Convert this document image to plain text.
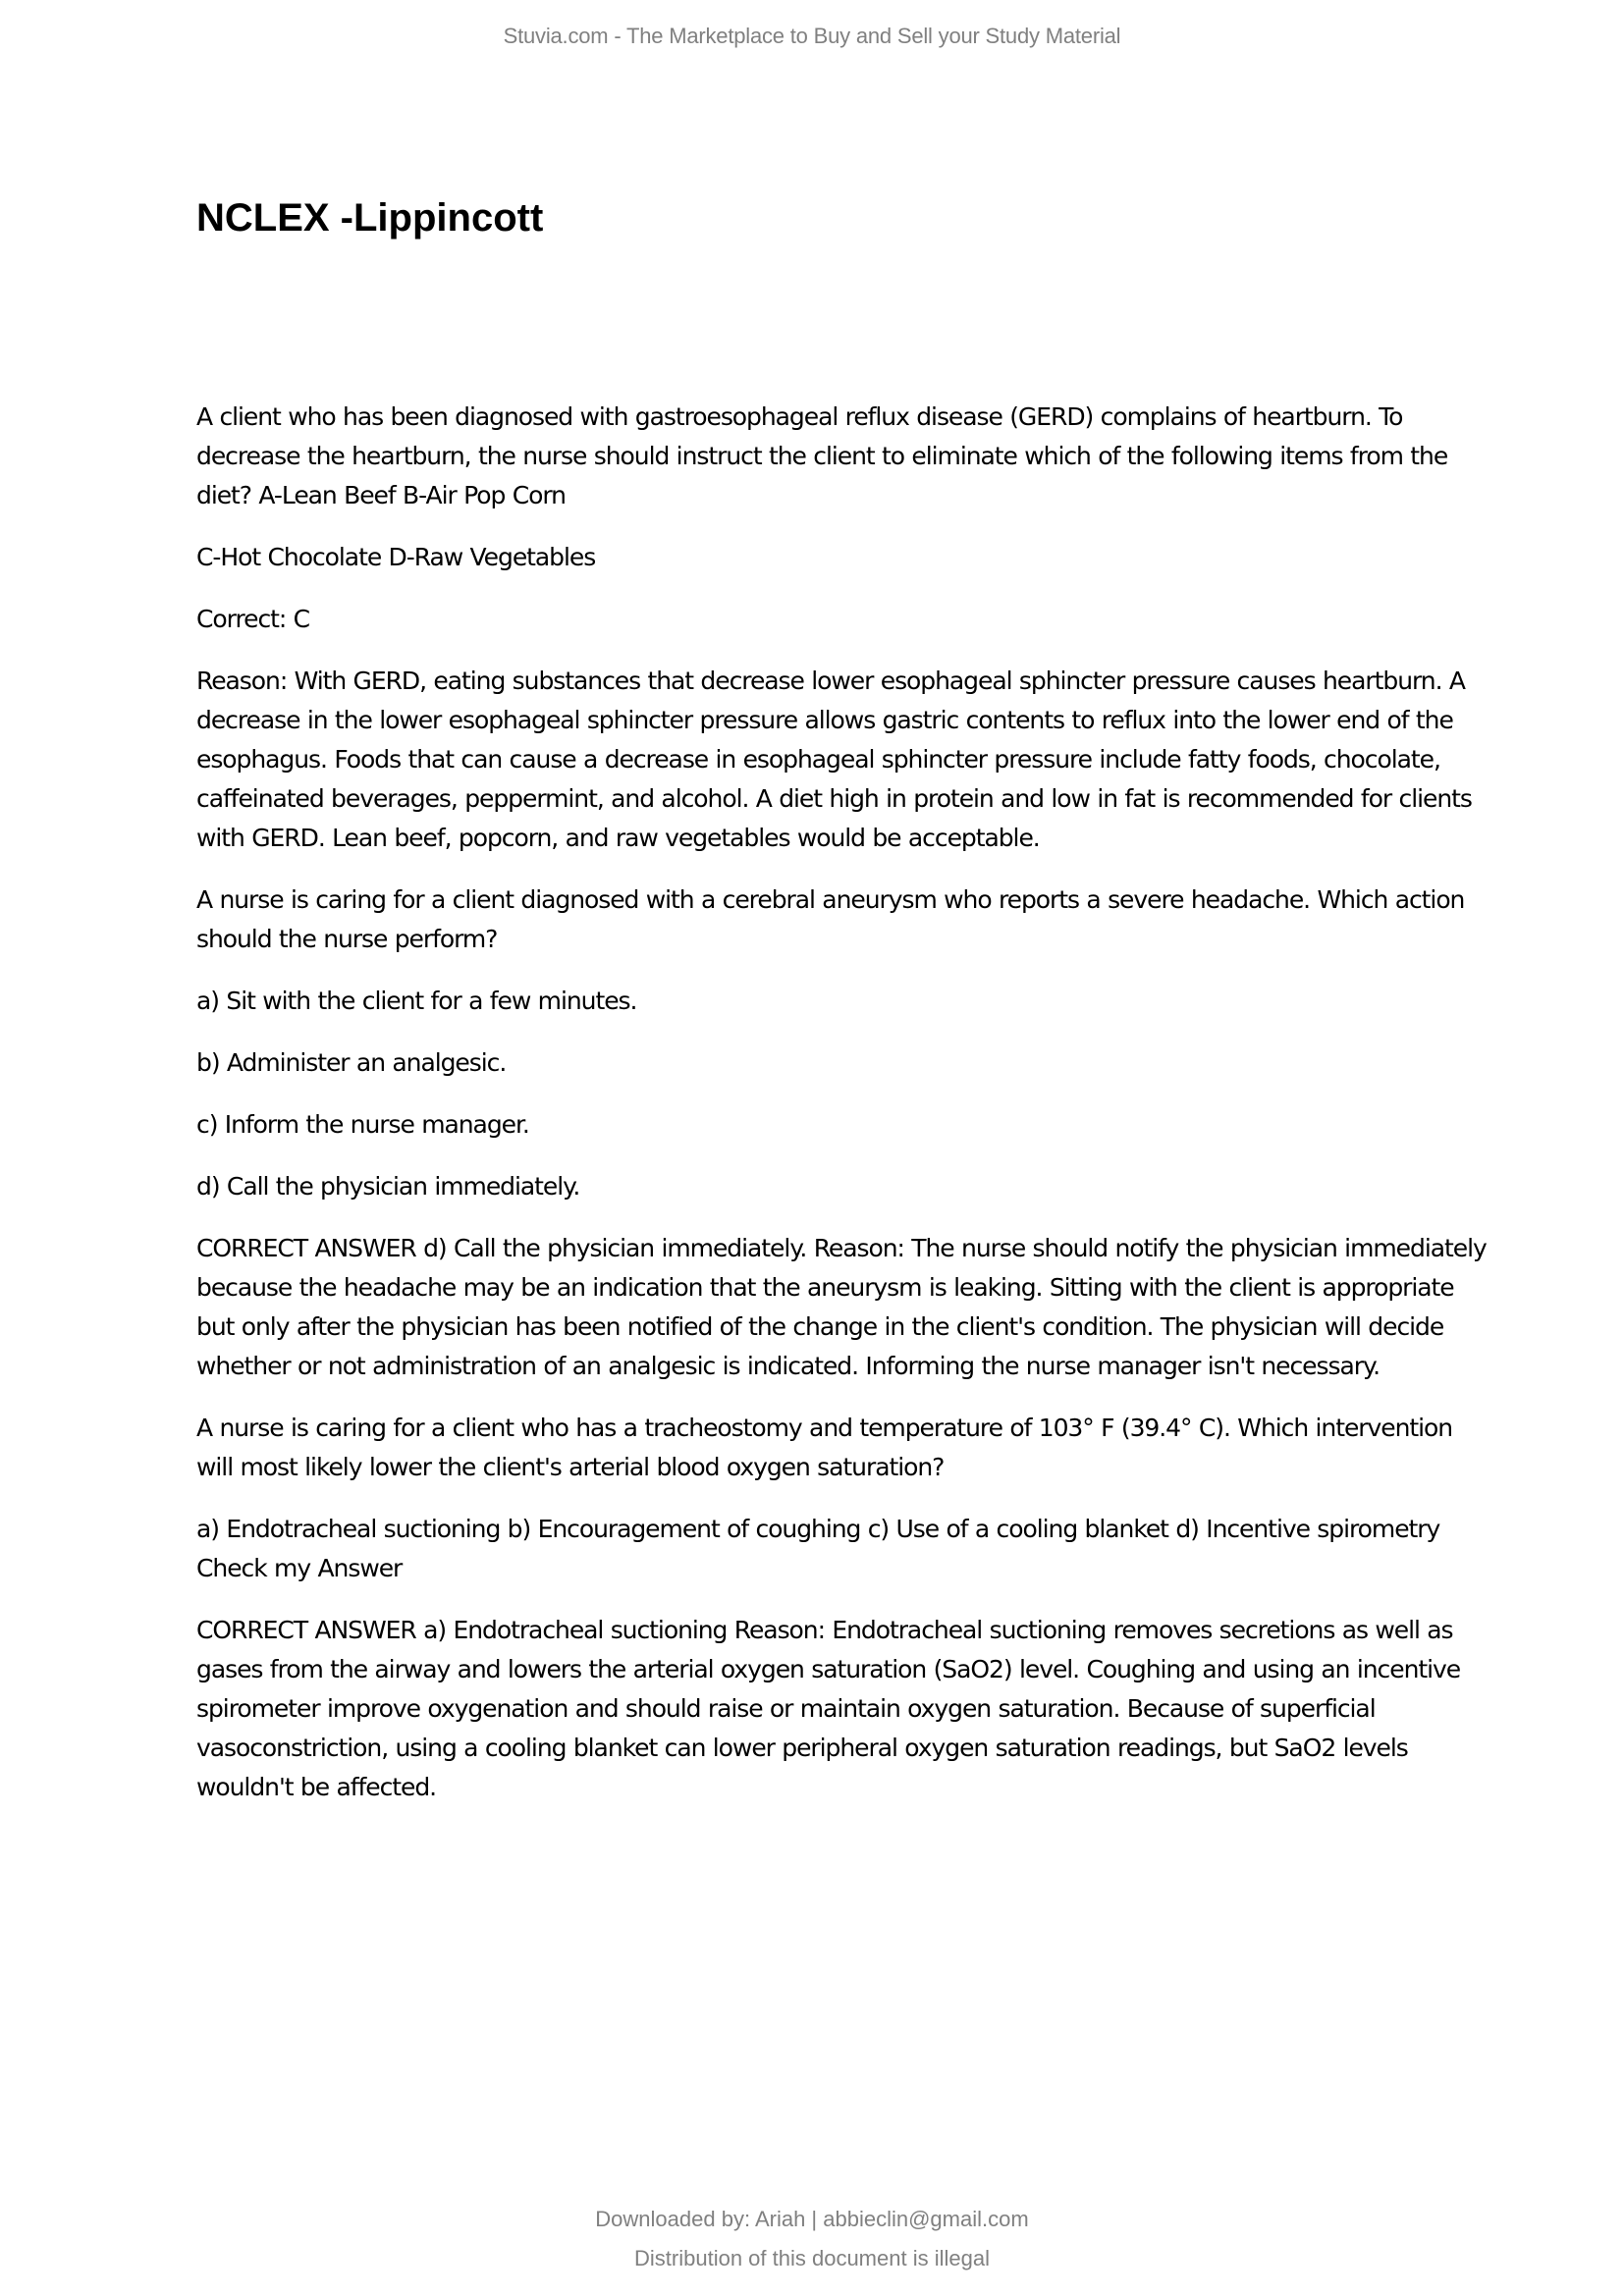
Stuvia.com - The Marketplace to Buy and Sell your Study Material
NCLEX -Lippincott

A client who has been diagnosed with gastroesophageal reflux disease (GERD) complains of heartburn. To decrease the heartburn, the nurse should instruct the client to eliminate which of the following items from the diet? A-Lean Beef B-Air Pop Corn

C-Hot Chocolate D-Raw Vegetables

Correct: C

Reason: With GERD, eating substances that decrease lower esophageal sphincter pressure causes heartburn. A decrease in the lower esophageal sphincter pressure allows gastric contents to reflux into the lower end of the esophagus. Foods that can cause a decrease in esophageal sphincter pressure include fatty foods, chocolate, caffeinated beverages, peppermint, and alcohol. A diet high in protein and low in fat is recommended for clients with GERD. Lean beef, popcorn, and raw vegetables would be acceptable.

A nurse is caring for a client diagnosed with a cerebral aneurysm who reports a severe headache. Which action should the nurse perform?

a) Sit with the client for a few minutes.

b) Administer an analgesic.

c) Inform the nurse manager.

d) Call the physician immediately.

CORRECT ANSWER d) Call the physician immediately. Reason: The nurse should notify the physician immediately because the headache may be an indication that the aneurysm is leaking. Sitting with the client is appropriate but only after the physician has been notified of the change in the client's condition. The physician will decide whether or not administration of an analgesic is indicated. Informing the nurse manager isn't necessary.

A nurse is caring for a client who has a tracheostomy and temperature of 103° F (39.4° C). Which intervention will most likely lower the client's arterial blood oxygen saturation?

a) Endotracheal suctioning b) Encouragement of coughing c) Use of a cooling blanket d) Incentive spirometry Check my Answer

CORRECT ANSWER a) Endotracheal suctioning Reason: Endotracheal suctioning removes secretions as well as gases from the airway and lowers the arterial oxygen saturation (SaO2) level. Coughing and using an incentive spirometer improve oxygenation and should raise or maintain oxygen saturation. Because of superficial vasoconstriction, using a cooling blanket can lower peripheral oxygen saturation readings, but SaO2 levels wouldn't be affected.

Downloaded by: Ariah | abbieclin@gmail.com
Distribution of this document is illegal
